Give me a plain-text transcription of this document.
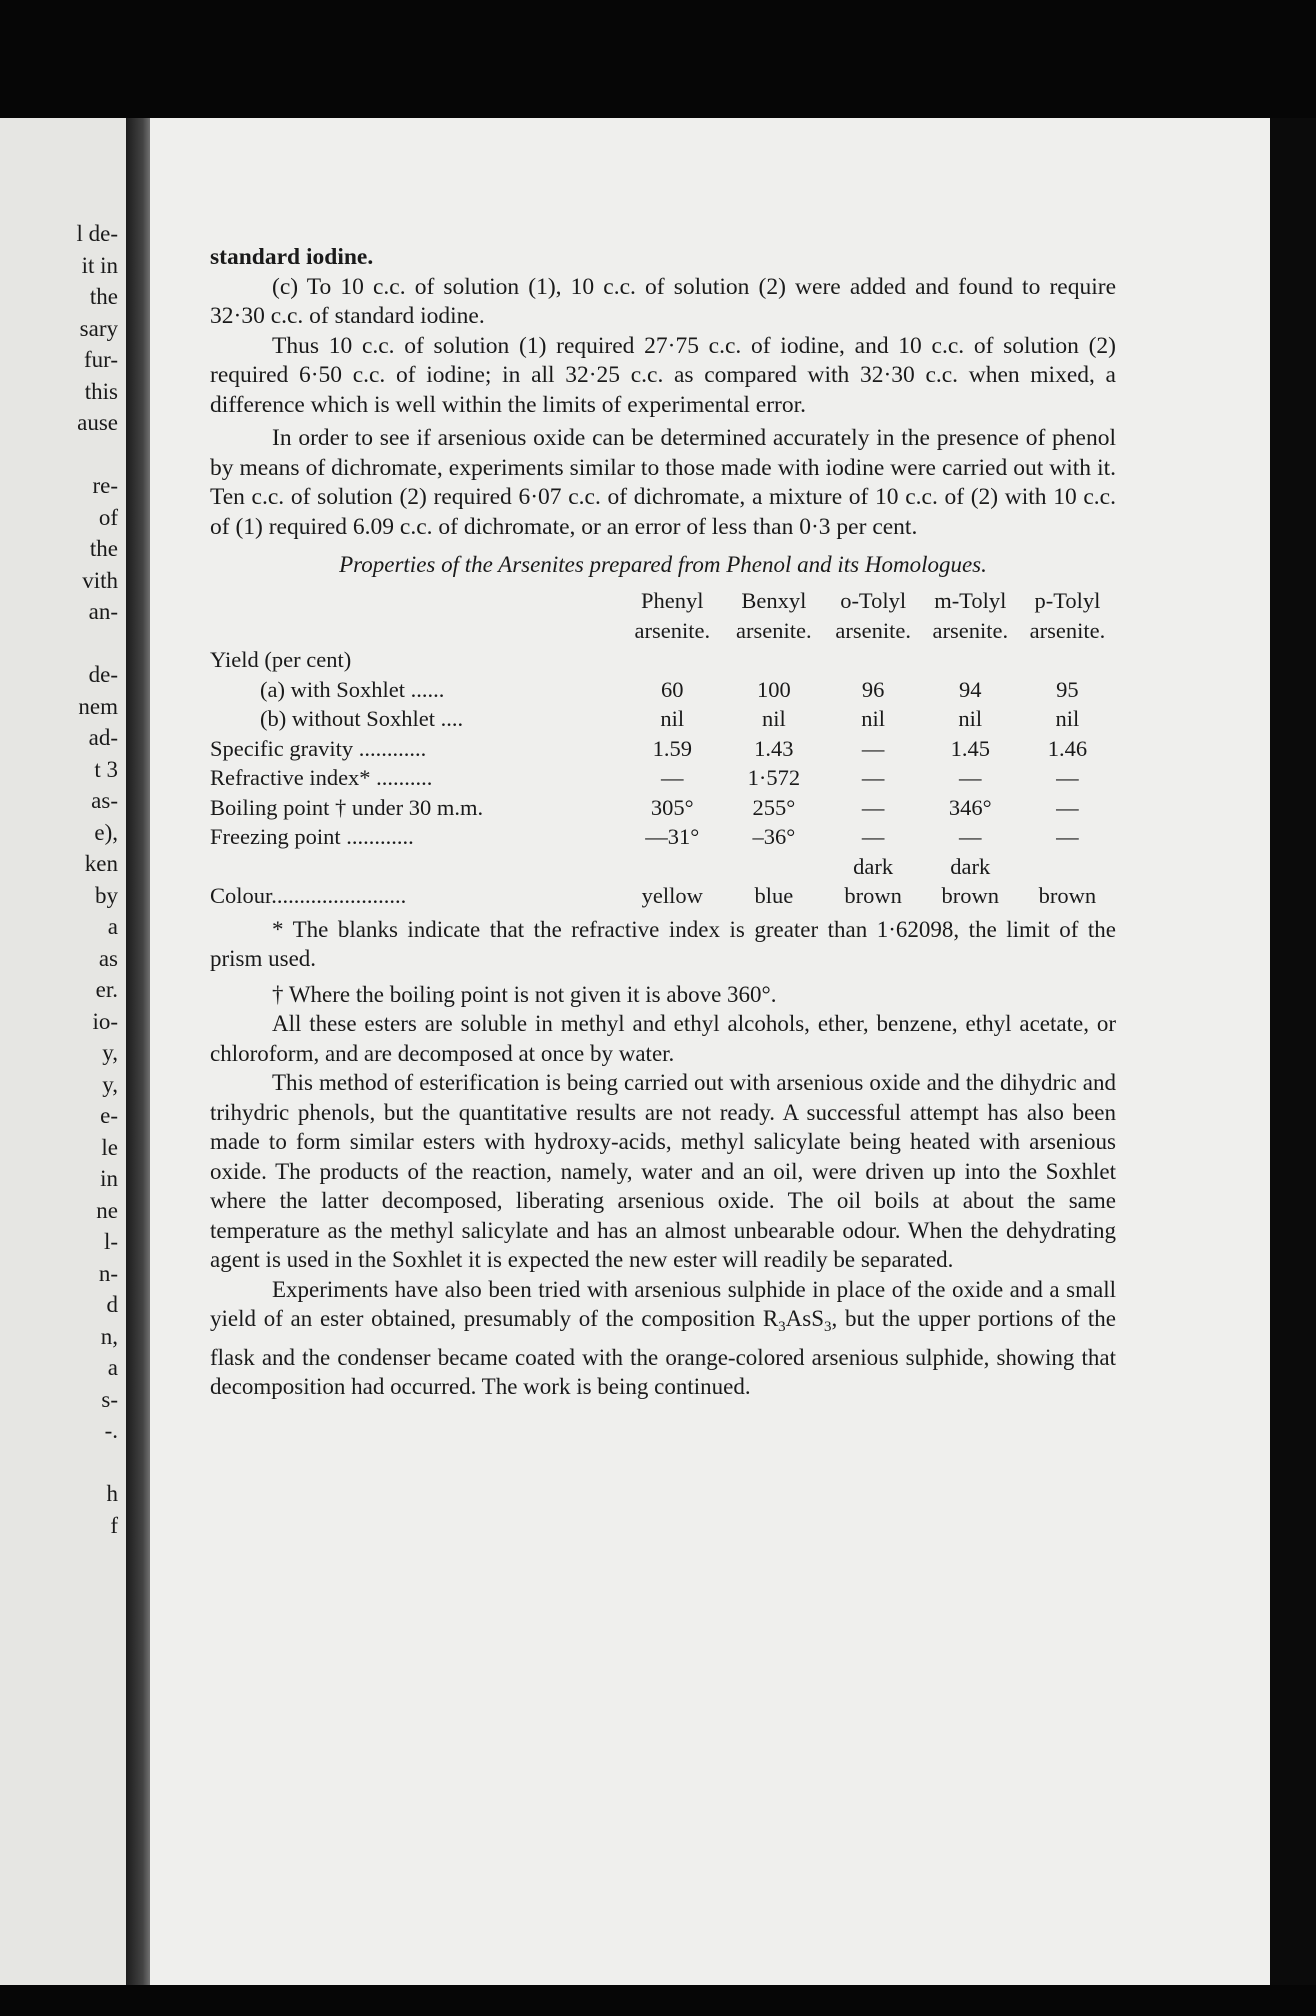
l de-
it in
the
sary
fur-
this
ause
re-
of
the
vith
an-
de-
nem
ad-
t 3
as-
e),
ken
by
a
as
er.
io-
y,
y,
e-
le
in
ne
l-
n-
d
n,
a
s-
-.
h
f

standard iodine.

(c) To 10 c.c. of solution (1), 10 c.c. of solution (2) were added and found to require 32·30 c.c. of standard iodine.

Thus 10 c.c. of solution (1) required 27·75 c.c. of iodine, and 10 c.c. of solution (2) required 6·50 c.c. of iodine; in all 32·25 c.c. as compared with 32·30 c.c. when mixed, a difference which is well within the limits of experimental error.

In order to see if arsenious oxide can be determined accurately in the presence of phenol by means of dichromate, experiments similar to those made with iodine were carried out with it. Ten c.c. of solution (2) required 6·07 c.c. of dichromate, a mixture of 10 c.c. of (2) with 10 c.c. of (1) required 6.09 c.c. of dichromate, or an error of less than 0·3 per cent.

Properties of the Arsenites prepared from Phenol and its Homologues.
	Phenyl	Benxyl	o-Tolyl	m-Tolyl	p-Tolyl
	arsenite.	arsenite.	arsenite.	arsenite.	arsenite.
Yield (per cent)					
(a) with Soxhlet ......	60	100	96	94	95
(b) without Soxhlet ....	nil	nil	nil	nil	nil
Specific gravity ............	1.59	1.43	—	1.45	1.46
Refractive index* ..........	—	1·572	—	—	—
Boiling point † under 30 m.m.	305°	255°	—	346°	—
Freezing point ............	—31°	–36°	—	—	—
Colour........................	yellow	blue	dark brown	dark brown	brown

* The blanks indicate that the refractive index is greater than 1·62098, the limit of the prism used.

† Where the boiling point is not given it is above 360°.

All these esters are soluble in methyl and ethyl alcohols, ether, benzene, ethyl acetate, or chloroform, and are decomposed at once by water.

This method of esterification is being carried out with arsenious oxide and the dihydric and trihydric phenols, but the quantitative results are not ready. A successful attempt has also been made to form similar esters with hydroxy-acids, methyl salicylate being heated with arsenious oxide. The products of the reaction, namely, water and an oil, were driven up into the Soxhlet where the latter decomposed, liberating arsenious oxide. The oil boils at about the same temperature as the methyl salicylate and has an almost unbearable odour. When the dehydrating agent is used in the Soxhlet it is expected the new ester will readily be separated.

Experiments have also been tried with arsenious sulphide in place of the oxide and a small yield of an ester obtained, presumably of the composition $R_3AsS_3$, but the upper portions of the flask and the condenser became coated with the orange-colored arsenious sulphide, showing that decomposition had occurred. The work is being continued.
